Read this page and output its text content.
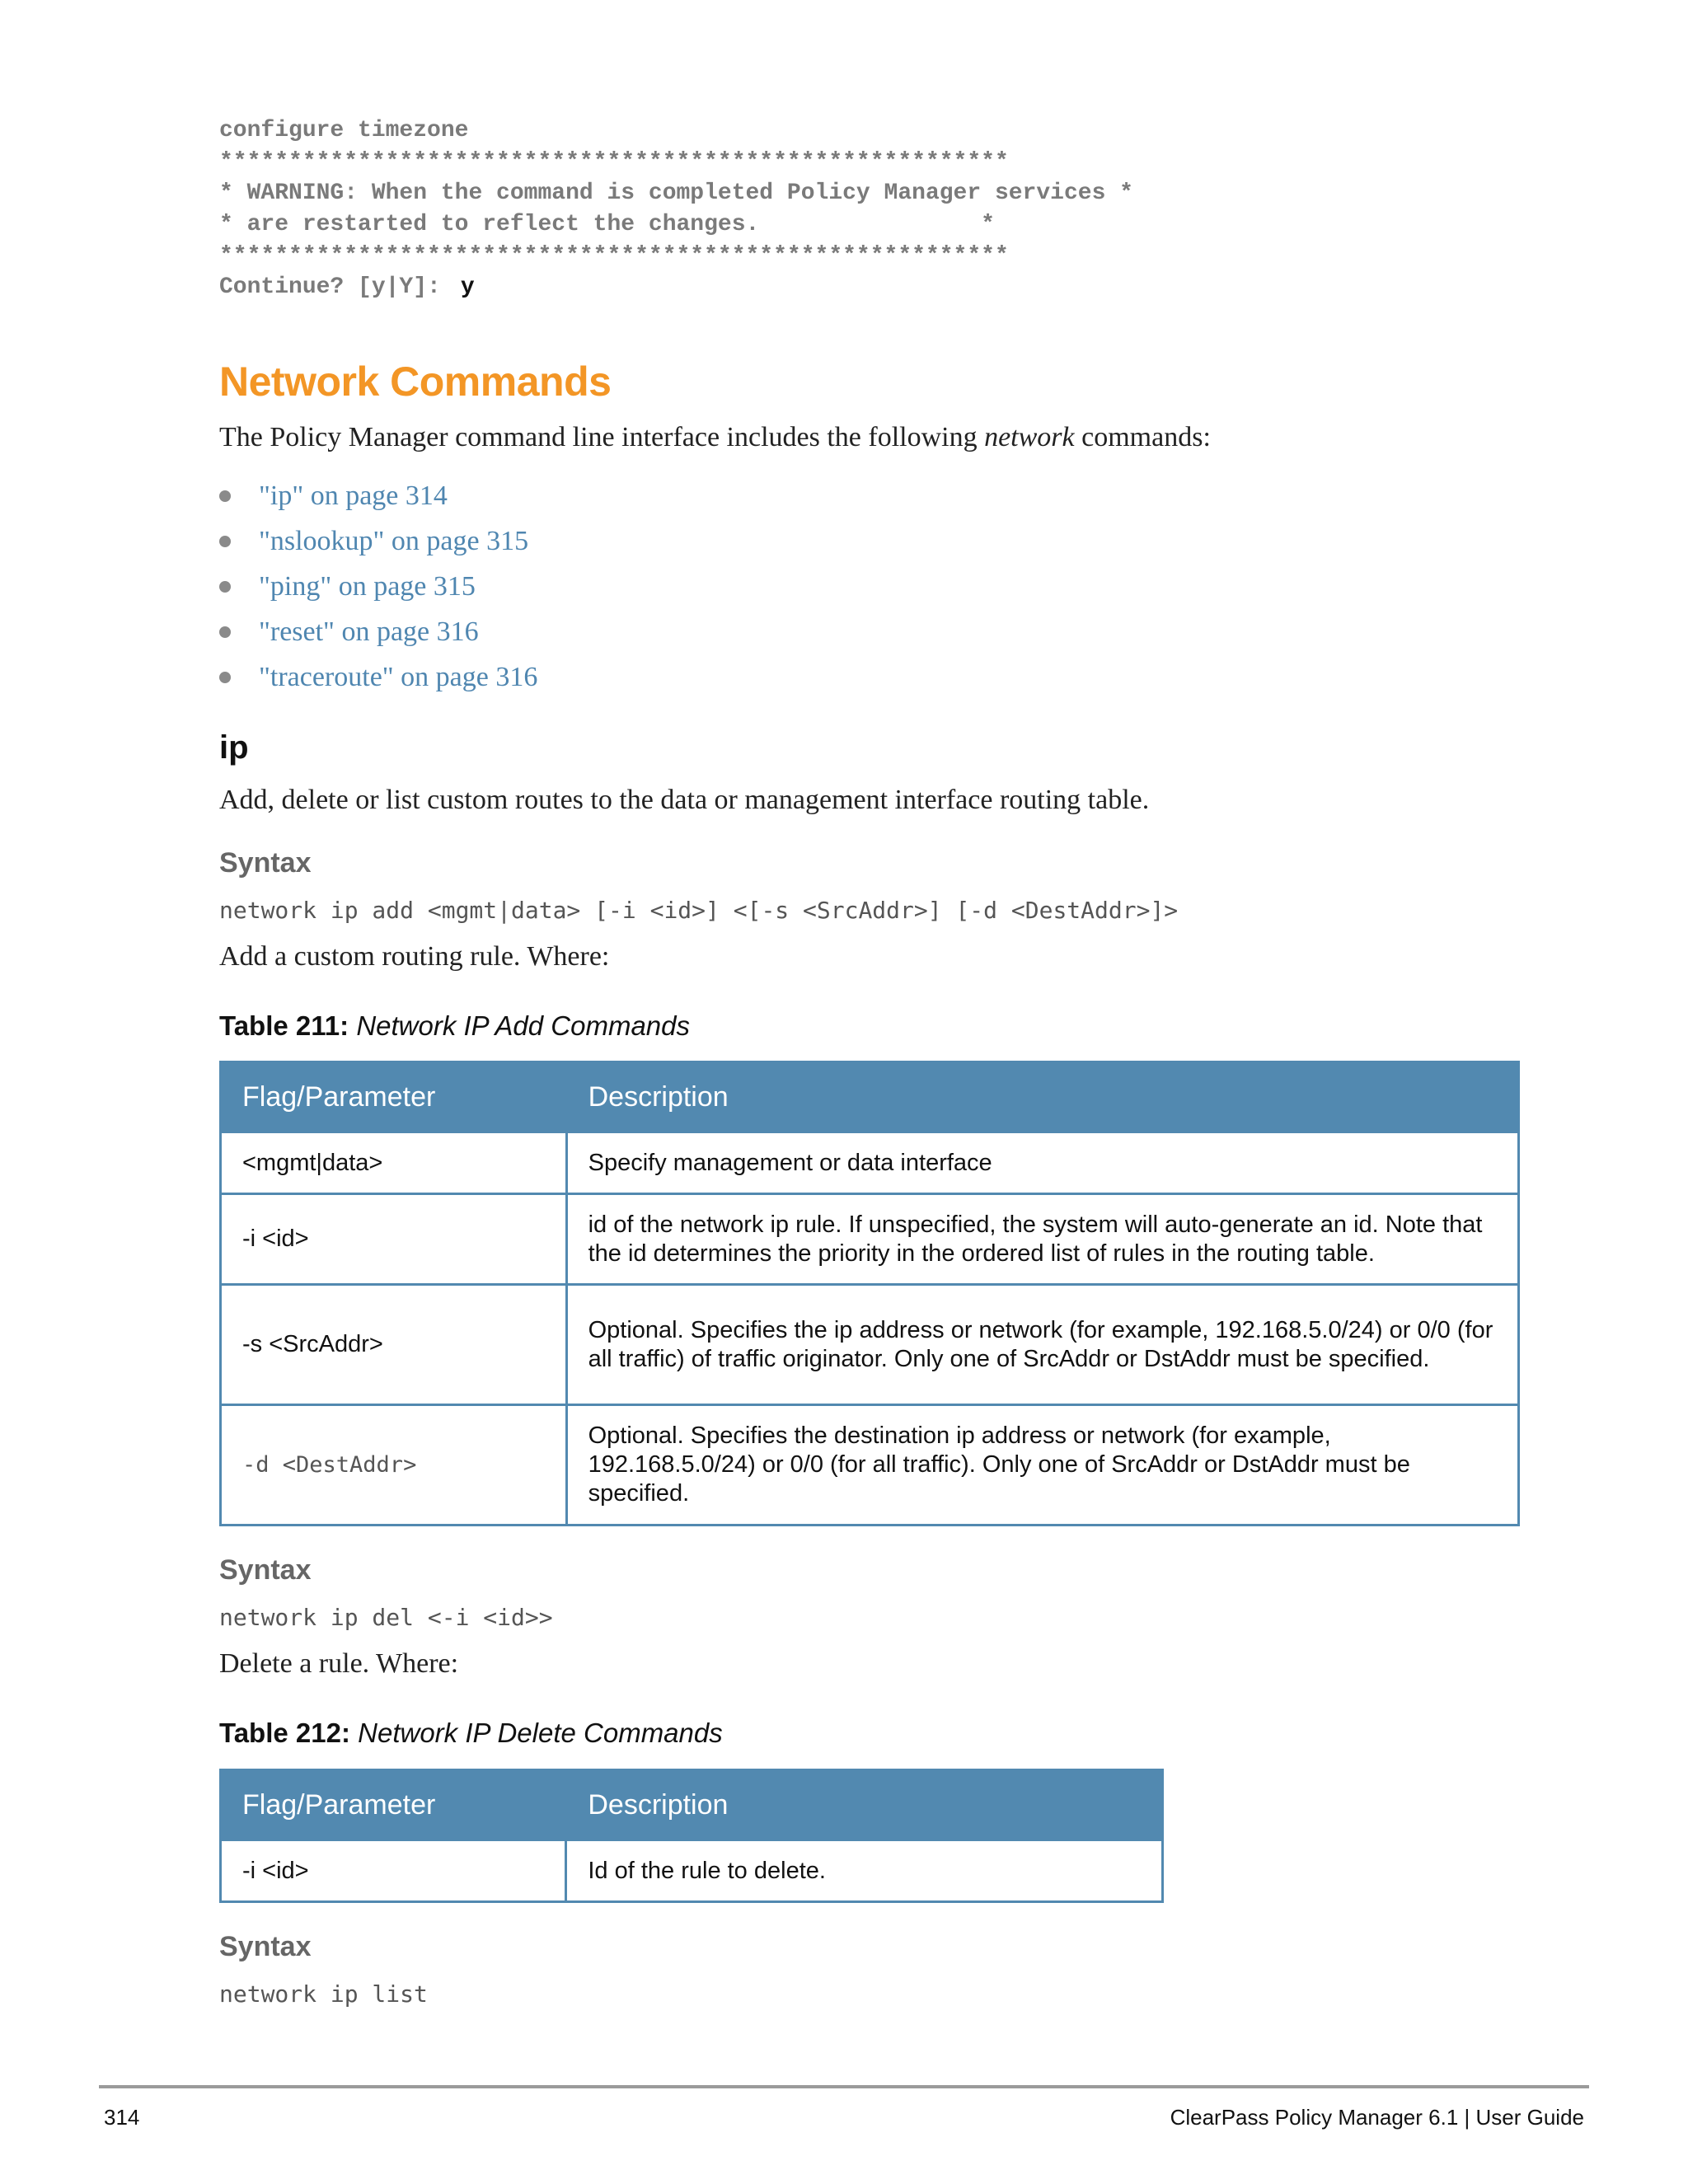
configure timezone
*********************************************************
* WARNING: When the command is completed Policy Manager services *
* are restarted to reflect the changes.                *
*********************************************************
Continue? [y|Y]: y
Network Commands

The Policy Manager command line interface includes the following network commands:

"ip" on page 314
"nslookup" on page 315
"ping" on page 315
"reset" on page 316
"traceroute" on page 316
ip

Add, delete or list custom routes to the data or management interface routing table.

Syntax

network ip add <mgmt|data> [-i <id>] <[-s <SrcAddr>] [-d <DestAddr>]>

Add a custom routing rule. Where:

Table 211: Network IP Add Commands

Flag/Parameter	Description
<mgmt|data>	Specify management or data interface
-i <id>	id of the network ip rule. If unspecified, the system will auto-generate an id. Note that the id determines the priority in the ordered list of rules in the routing table.
-s <SrcAddr>	Optional. Specifies the ip address or network (for example, 192.168.5.0/24) or 0/0 (for all traffic) of traffic originator. Only one of SrcAddr or DstAddr must be specified.
-d <DestAddr>	Optional. Specifies the destination ip address or network (for example, 192.168.5.0/24) or 0/0 (for all traffic). Only one of SrcAddr or DstAddr must be specified.
Syntax

network ip del <-i <id>>

Delete a rule. Where:

Table 212: Network IP Delete Commands

Flag/Parameter	Description
-i <id>	Id of the rule to delete.
Syntax

network ip list

314	ClearPass Policy Manager 6.1 | User Guide
